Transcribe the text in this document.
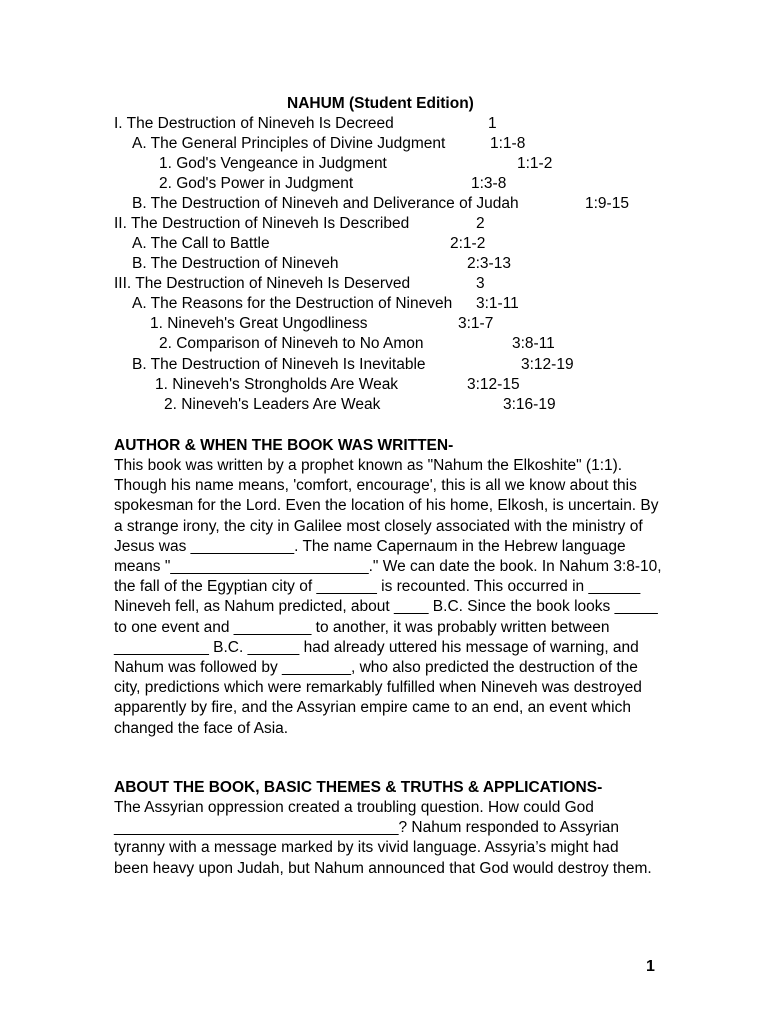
NAHUM (Student Edition)
I. The Destruction of Nineveh Is Decreed	1
A. The General Principles of Divine Judgment	1:1-8
1. God's Vengeance in Judgment	1:1-2
2. God's Power in Judgment	1:3-8
B. The Destruction of Nineveh and Deliverance of Judah	1:9-15
II. The Destruction of Nineveh Is Described	2
A. The Call to Battle	2:1-2
B. The Destruction of Nineveh	2:3-13
III. The Destruction of Nineveh Is Deserved	3
A. The Reasons for the Destruction of Nineveh 3:1-11
1. Nineveh's Great Ungodliness	3:1-7
2. Comparison of Nineveh to No Amon	3:8-11
B. The Destruction of Nineveh Is Inevitable	3:12-19
1. Nineveh's Strongholds Are Weak	3:12-15
2. Nineveh's Leaders Are Weak	3:16-19
AUTHOR & WHEN THE BOOK WAS WRITTEN-
This book was written by a prophet known as "Nahum the Elkoshite" (1:1). Though his name means, 'comfort, encourage', this is all we know about this spokesman for the Lord. Even the location of his home, Elkosh, is uncertain. By a strange irony, the city in Galilee most closely associated with the ministry of Jesus was ____________. The name Capernaum in the Hebrew language means "_______________________." We can date the book. In Nahum 3:8-10, the fall of the Egyptian city of _______ is recounted. This occurred in ______ Nineveh fell, as Nahum predicted, about ____ B.C. Since the book looks _____ to one event and _________ to another, it was probably written between ___________ B.C. ______ had already uttered his message of warning, and Nahum was followed by ________, who also predicted the destruction of the city, predictions which were remarkably fulfilled when Nineveh was destroyed apparently by fire, and the Assyrian empire came to an end, an event which changed the face of Asia.
ABOUT THE BOOK, BASIC THEMES & TRUTHS & APPLICATIONS-
The Assyrian oppression created a troubling question. How could God _________________________________? Nahum responded to Assyrian tyranny with a message marked by its vivid language. Assyria’s might had been heavy upon Judah, but Nahum announced that God would destroy them.
1
